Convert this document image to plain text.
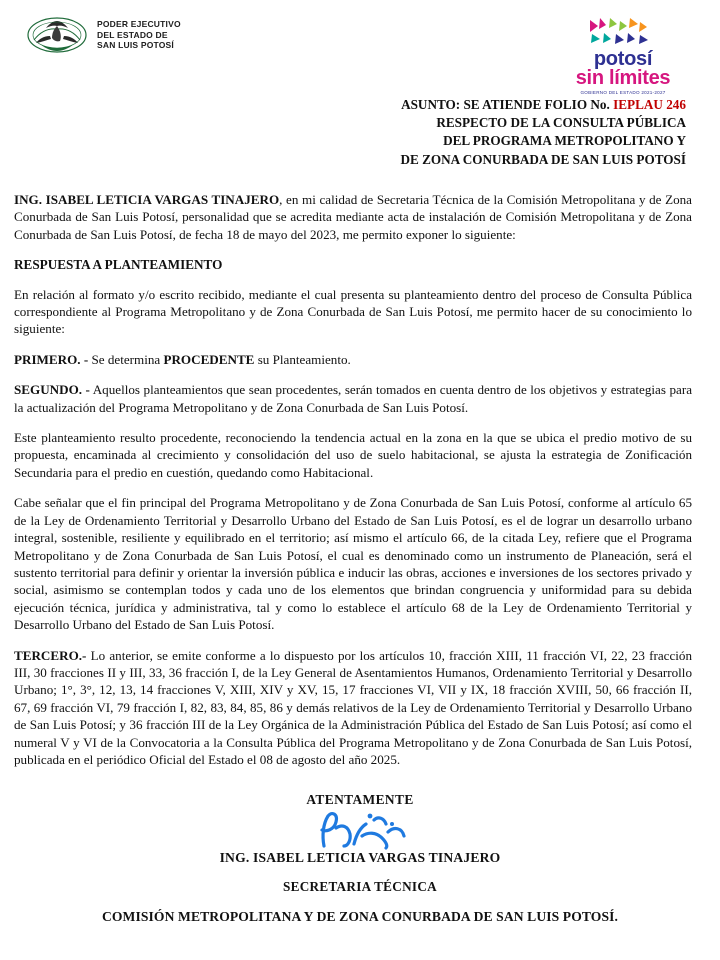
PODER EJECUTIVO
DEL ESTADO DE
SAN LUIS POTOSÍ
potosí
sin límites
GOBIERNO DEL ESTADO 2021-2027
ASUNTO: SE ATIENDE FOLIO No. IEPLAU 246
RESPECTO DE LA CONSULTA PÚBLICA
DEL PROGRAMA METROPOLITANO Y
DE ZONA CONURBADA DE SAN LUIS POTOSÍ

ING. ISABEL LETICIA VARGAS TINAJERO, en mi calidad de Secretaria Técnica de la Comisión Metropolitana y de Zona Conurbada de San Luis Potosí, personalidad que se acredita mediante acta de instalación de Comisión Metropolitana y de Zona Conurbada de San Luis Potosí, de fecha 18 de mayo del 2023, me permito exponer lo siguiente:

RESPUESTA A PLANTEAMIENTO

En relación al formato y/o escrito recibido, mediante el cual presenta su planteamiento dentro del proceso de Consulta Pública correspondiente al Programa Metropolitano y de Zona Conurbada de San Luis Potosí, me permito hacer de su conocimiento lo siguiente:

PRIMERO. - Se determina PROCEDENTE su Planteamiento.

SEGUNDO. - Aquellos planteamientos que sean procedentes, serán tomados en cuenta dentro de los objetivos y estrategias para la actualización del Programa Metropolitano y de Zona Conurbada de San Luis Potosí.

Este planteamiento resulto procedente, reconociendo la tendencia actual en la zona en la que se ubica el predio motivo de su propuesta, encaminada al crecimiento y consolidación del uso de suelo habitacional, se ajusta la estrategia de Zonificación Secundaria para el predio en cuestión, quedando como Habitacional.

Cabe señalar que el fin principal del Programa Metropolitano y de Zona Conurbada de San Luis Potosí, conforme al artículo 65 de la Ley de Ordenamiento Territorial y Desarrollo Urbano del Estado de San Luis Potosí, es el de lograr un desarrollo urbano integral, sostenible, resiliente y equilibrado en el territorio; así mismo el artículo 66, de la citada Ley, refiere que el Programa Metropolitano y de Zona Conurbada de San Luis Potosí, el cual es denominado como un instrumento de Planeación, será el sustento territorial para definir y orientar la inversión pública e inducir las obras, acciones e inversiones de los sectores privado y social, asimismo se contemplan todos y cada uno de los elementos que brindan congruencia y uniformidad para su debida ejecución técnica, jurídica y administrativa, tal y como lo establece el artículo 68 de la Ley de Ordenamiento Territorial y Desarrollo Urbano del Estado de San Luis Potosí.

TERCERO.- Lo anterior, se emite conforme a lo dispuesto por los artículos 10, fracción XIII, 11 fracción VI, 22, 23 fracción III, 30 fracciones II y III, 33, 36 fracción I, de la Ley General de Asentamientos Humanos, Ordenamiento Territorial y Desarrollo Urbano; 1°, 3°, 12, 13, 14 fracciones V, XIII, XIV y XV, 15, 17 fracciones VI, VII y IX, 18 fracción XVIII, 50, 66 fracción II, 67, 69 fracción VI, 79 fracción I, 82, 83, 84, 85, 86 y demás relativos de la Ley de Ordenamiento Territorial y Desarrollo Urbano de San Luis Potosí; y 36 fracción III de la Ley Orgánica de la Administración Pública del Estado de San Luis Potosí; así como el numeral V y VI de la Convocatoria a la Consulta Pública del Programa Metropolitano y de Zona Conurbada de San Luis Potosí, publicada en el periódico Oficial del Estado el 08 de agosto del año 2025.

ATENTAMENTE
ING. ISABEL LETICIA VARGAS TINAJERO
SECRETARIA TÉCNICA
COMISIÓN METROPOLITANA Y DE ZONA CONURBADA DE SAN LUIS POTOSÍ.
